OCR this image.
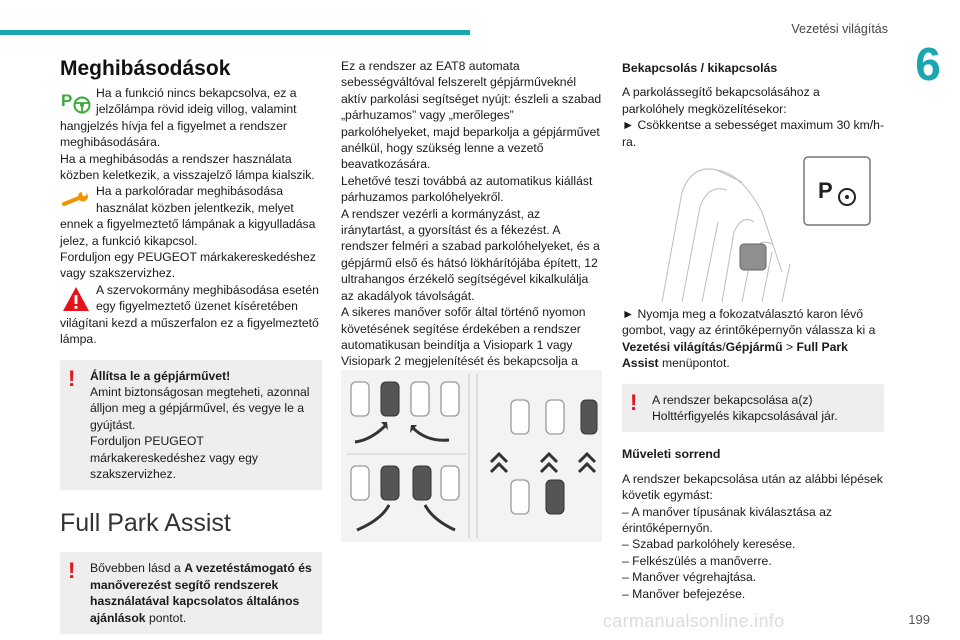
Vezetési világítás
6
Meghibásodások
P	Ha a funkció nincs bekapcsolva, ez a jelzőlámpa rövid ideig villog, valamint hangjelzés hívja fel a figyelmet a rendszer meghibásodására.

Ha a meghibásodás a rendszer használata közben keletkezik, a visszajelző lámpa kialszik.

Ha a parkolóradar meghibásodása használat közben jelentkezik, melyet ennek a figyelmeztető lámpának a kigyulladása jelez, a funkció kikapcsol.

Forduljon egy PEUGEOT márkakereskedéshez vagy szakszervizhez.

A szervokormány meghibásodása esetén egy figyelmeztető üzenet kíséretében világítani kezd a műszerfalon ez a figyelmeztető lámpa.

! Állítsa le a gépjárművet!

Amint biztonságosan megteheti, azonnal álljon meg a gépjárművel, és vegye le a gyújtást.

Forduljon PEUGEOT márkakereskedéshez vagy egy szakszervizhez.

Full Park Assist
! Bővebben lásd a A vezetéstámogató és manőverezést segítő rendszerek használatával kapcsolatos általános ajánlások pontot.

Ez a rendszer az EAT8 automata sebességváltóval felszerelt gépjárműveknél aktív parkolási segítséget nyújt: észleli a szabad „párhuzamos” vagy „merőleges” parkolóhelyeket, majd beparkolja a gépjárművet anélkül, hogy szükség lenne a vezető beavatkozására.

Lehetővé teszi továbbá az automatikus kiállást párhuzamos parkolóhelyekről.

A rendszer vezérli a kormányzást, az iránytartást, a gyorsítást és a fékezést. A rendszer felméri a szabad parkolóhelyeket, és a gépjármű első és hátsó lökhárítójába épített, 12 ultrahangos érzékelő segítségével kikalkulálja az akadályok távolságát.

A sikeres manőver sofőr által történő nyomon követésének segítése érdekében a rendszer automatikusan beindítja a Visiopark 1 vagy Visiopark 2 megjelenítését és bekapcsolja a

Bekapcsolás / kikapcsolás

A parkolássegítő bekapcsolásához a parkolóhely megközelítésekor:

► Csökkentse a sebességet maximum 30 km/h-ra.

P

► Nyomja meg a fokozatválasztó karon lévő gombot, vagy az érintőképernyőn válassza ki a Vezetési világítás/Gépjármű > Full Park Assist menüpontot.

! A rendszer bekapcsolása a(z) Holttérfigyelés kikapcsolásával jár.

Műveleti sorrend

A rendszer bekapcsolása után az alábbi lépések követik egymást:

– A manőver típusának kiválasztása az érintőképernyőn.

– Szabad parkolóhely keresése.

– Felkészülés a manőverre.

– Manőver végrehajtása.

– Manőver befejezése.

carmanualsonline.info	199
